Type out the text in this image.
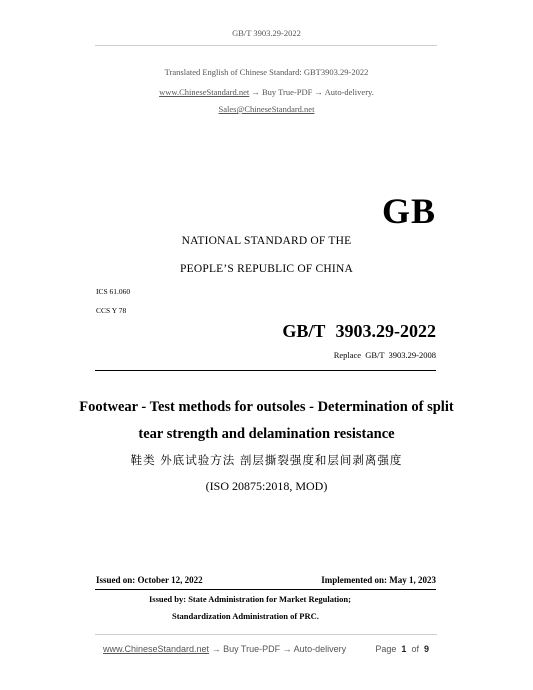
GB/T 3903.29-2022
Translated English of Chinese Standard: GBT3903.29-2022
www.ChineseStandard.net → Buy True-PDF → Auto-delivery.
Sales@ChineseStandard.net
GB
NATIONAL STANDARD OF THE
PEOPLE’S REPUBLIC OF CHINA
ICS 61.060
CCS Y 78
GB/T 3903.29-2022
Replace GB/T 3903.29-2008
Footwear - Test methods for outsoles - Determination of split
tear strength and delamination resistance
鞋类 外底试验方法 剖层撕裂强度和层间剥离强度
(ISO 20875:2018, MOD)
Issued on: October 12, 2022	Implemented on: May 1, 2023
Issued by: State Administration for Market Regulation;
Standardization Administration of PRC.
www.ChineseStandard.net → Buy True-PDF → Auto-delivery	Page 1 of 9
